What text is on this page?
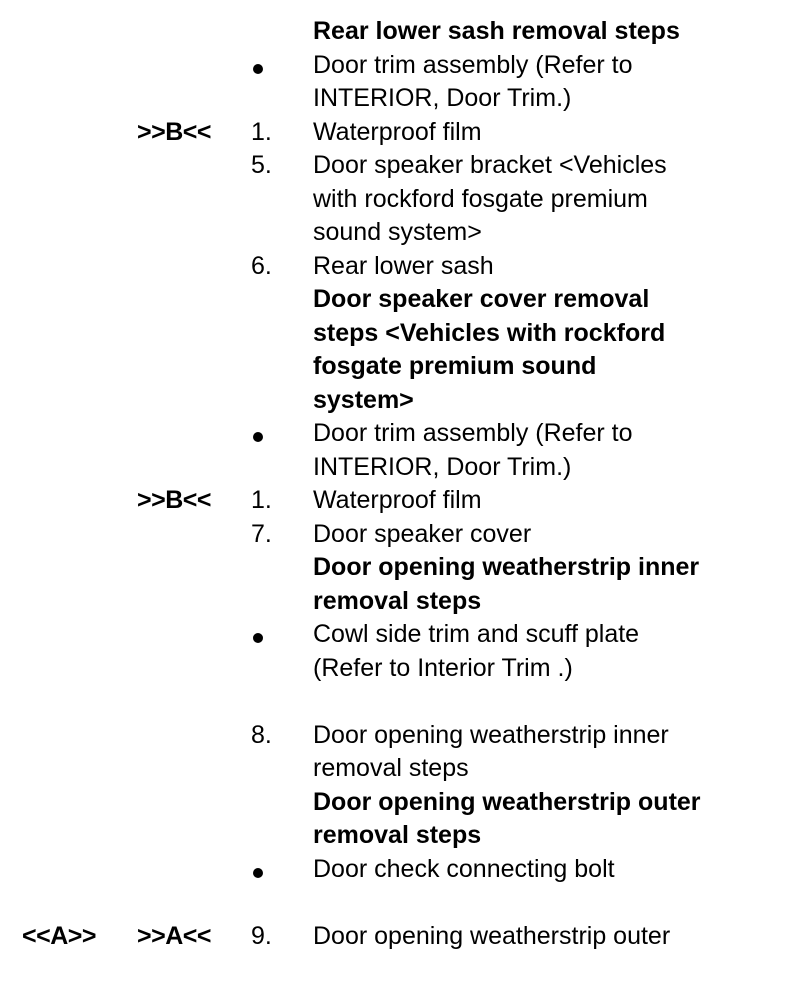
Rear lower sash removal steps
Door trim assembly (Refer to
INTERIOR, Door Trim.)
>>B<< 1. Waterproof film
5. Door speaker bracket <Vehicles
with rockford fosgate premium
sound system>
6. Rear lower sash
Door speaker cover removal
steps <Vehicles with rockford
fosgate premium sound
system>
Door trim assembly (Refer to
INTERIOR, Door Trim.)
>>B<< 1. Waterproof film
7. Door speaker cover
Door opening weatherstrip inner
removal steps
Cowl side trim and scuff plate
(Refer to Interior Trim .)
8. Door opening weatherstrip inner
removal steps
Door opening weatherstrip outer
removal steps
Door check connecting bolt
<<A>> >>A<< 9. Door opening weatherstrip outer
